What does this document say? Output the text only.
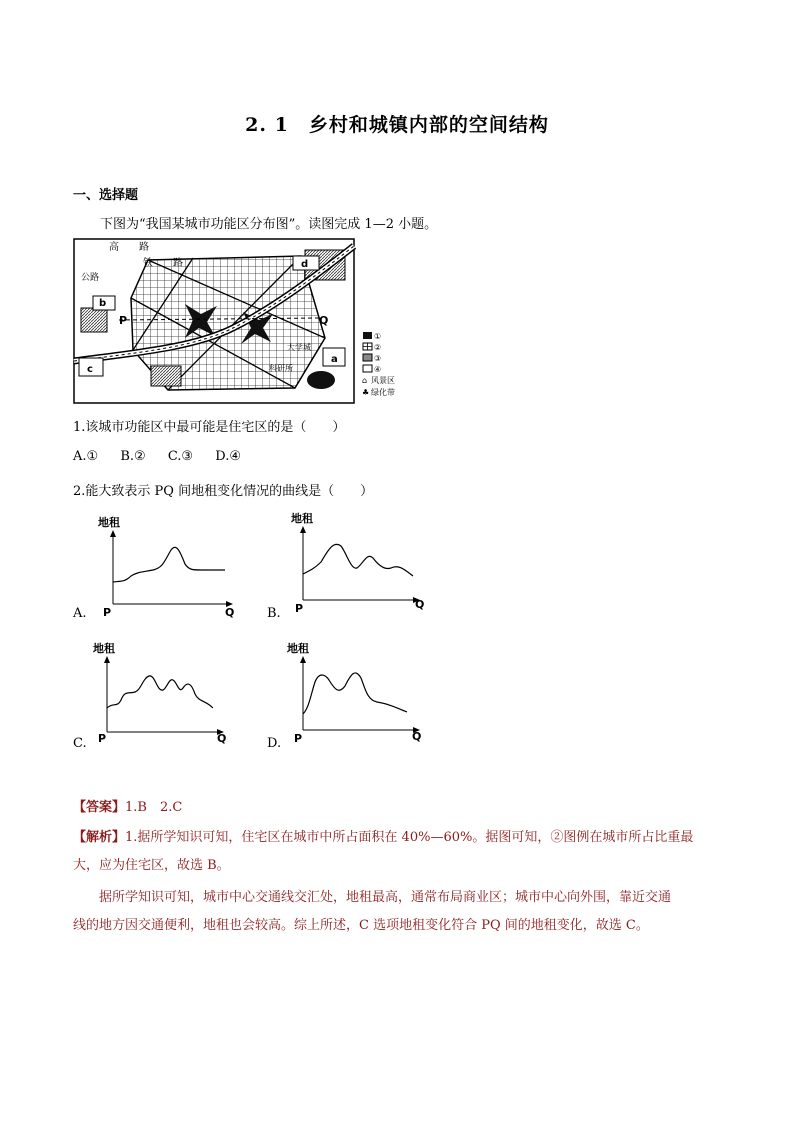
2. 1　乡村和城镇内部的空间结构
一、选择题
下图为“我国某城市功能区分布图”。读图完成 1—2 小题。
高　　路
铁　　路
公路
P	Q
a
b
c
d
大学城
科研所
①
②
③
④
⌂ 风景区
♣ 绿化带
1.该城市功能区中最可能是住宅区的是（　　）
A.① B.② C.③ D.④
2.能大致表示 PQ 间地租变化情况的曲线是（　　）
地租
P	Q
A.
地租
P	Q
B.
地租
P	Q
C.
地租
P	Q
D.
【答案】1.B　2.C
【解析】1.据所学知识可知，住宅区在城市中所占面积在 40%—60%。据图可知，②图例在城市所占比重最
大，应为住宅区，故选 B。
据所学知识可知，城市中心交通线交汇处，地租最高，通常布局商业区；城市中心向外围，靠近交通
线的地方因交通便利，地租也会较高。综上所述，C 选项地租变化符合 PQ 间的地租变化，故选 C。
